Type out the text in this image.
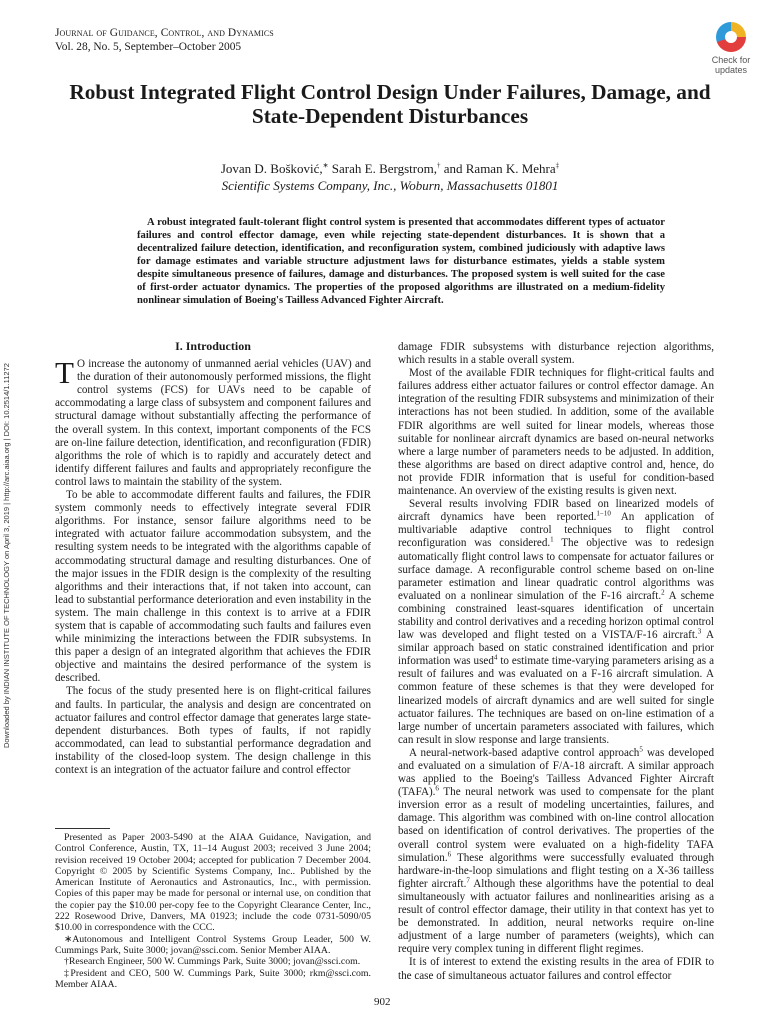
Journal of Guidance, Control, and Dynamics
Vol. 28, No. 5, September–October 2005
Check for
updates
Robust Integrated Flight Control Design Under Failures, Damage, and State-Dependent Disturbances
Jovan D. Bošković,∗ Sarah E. Bergstrom,† and Raman K. Mehra‡
Scientific Systems Company, Inc., Woburn, Massachusetts 01801
A robust integrated fault-tolerant flight control system is presented that accommodates different types of actuator failures and control effector damage, even while rejecting state-dependent disturbances. It is shown that a decentralized failure detection, identification, and reconfiguration system, combined judiciously with adaptive laws for damage estimates and variable structure adjustment laws for disturbance estimates, yields a stable system despite simultaneous presence of failures, damage and disturbances. The proposed system is well suited for the case of first-order actuator dynamics. The properties of the proposed algorithms are illustrated on a medium-fidelity nonlinear simulation of Boeing's Tailless Advanced Fighter Aircraft.
Downloaded by INDIAN INSTITUTE OF TECHNOLOGY on April 3, 2019 | http://arc.aiaa.org | DOI: 10.2514/1.11272
I. Introduction

T O increase the autonomy of unmanned aerial vehicles (UAV) and the duration of their autonomously performed missions, the flight control systems (FCS) for UAVs need to be capable of accommodating a large class of subsystem and component failures and structural damage without substantially affecting the performance of the overall system. In this context, important components of the FCS are on-line failure detection, identification, and reconfiguration (FDIR) algorithms the role of which is to rapidly and accurately detect and identify different failures and faults and appropriately reconfigure the control laws to maintain the stability of the system.

To be able to accommodate different faults and failures, the FDIR system commonly needs to effectively integrate several FDIR algorithms. For instance, sensor failure algorithms need to be integrated with actuator failure accommodation subsystem, and the resulting system needs to be integrated with the algorithms capable of accommodating structural damage and resulting disturbances. One of the major issues in the FDIR design is the complexity of the resulting algorithms and their interactions that, if not taken into account, can lead to substantial performance deterioration and even instability in the system. The main challenge in this context is to arrive at a FDIR system that is capable of accommodating such faults and failures even while minimizing the interactions between the FDIR subsystems. In this paper a design of an integrated algorithm that achieves the FDIR objective and maintains the desired performance of the system is described.

The focus of the study presented here is on flight-critical failures and faults. In particular, the analysis and design are concentrated on actuator failures and control effector damage that generates large state-dependent disturbances. Both types of faults, if not rapidly accommodated, can lead to substantial performance degradation and instability of the closed-loop system. The design challenge in this context is an integration of the actuator failure and control effector

Presented as Paper 2003-5490 at the AIAA Guidance, Navigation, and Control Conference, Austin, TX, 11–14 August 2003; received 3 June 2004; revision received 19 October 2004; accepted for publication 7 December 2004. Copyright © 2005 by Scientific Systems Company, Inc.. Published by the American Institute of Aeronautics and Astronautics, Inc., with permission. Copies of this paper may be made for personal or internal use, on condition that the copier pay the $10.00 per-copy fee to the Copyright Clearance Center, Inc., 222 Rosewood Drive, Danvers, MA 01923; include the code 0731-5090/05 $10.00 in correspondence with the CCC.

∗Autonomous and Intelligent Control Systems Group Leader, 500 W. Cummings Park, Suite 3000; jovan@ssci.com. Senior Member AIAA.

†Research Engineer, 500 W. Cummings Park, Suite 3000; jovan@ssci.com.

‡President and CEO, 500 W. Cummings Park, Suite 3000; rkm@ssci.com. Member AIAA.

damage FDIR subsystems with disturbance rejection algorithms, which results in a stable overall system.

Most of the available FDIR techniques for flight-critical faults and failures address either actuator failures or control effector damage. An integration of the resulting FDIR subsystems and minimization of their interactions has not been studied. In addition, some of the available FDIR algorithms are well suited for linear models, whereas those suitable for nonlinear aircraft dynamics are based on-neural networks where a large number of parameters needs to be adjusted. In addition, these algorithms are based on direct adaptive control and, hence, do not provide FDIR information that is useful for condition-based maintenance. An overview of the existing results is given next.

Several results involving FDIR based on linearized models of aircraft dynamics have been reported.$^{1-10}$ An application of multivariable adaptive control techniques to flight control reconfiguration was considered.$^1$ The objective was to redesign automatically flight control laws to compensate for actuator failures or surface damage. A reconfigurable control scheme based on on-line parameter estimation and linear quadratic control algorithms was evaluated on a nonlinear simulation of the F-16 aircraft.$^2$ A scheme combining constrained least-squares identification of uncertain stability and control derivatives and a receding horizon optimal control law was developed and flight tested on a VISTA/F-16 aircraft.$^3$ A similar approach based on static constrained identification and prior information was used$^4$ to estimate time-varying parameters arising as a result of failures and was evaluated on a F-16 aircraft simulation. A common feature of these schemes is that they were developed for linearized models of aircraft dynamics and are well suited for single actuator failures. The techniques are based on on-line estimation of a large number of uncertain parameters associated with failures, which can result in slow response and large transients.

A neural-network-based adaptive control approach$^5$ was developed and evaluated on a simulation of F/A-18 aircraft. A similar approach was applied to the Boeing's Tailless Advanced Fighter Aircraft (TAFA).$^6$ The neural network was used to compensate for the plant inversion error as a result of modeling uncertainties, failures, and damage. This algorithm was combined with on-line control allocation based on identification of control derivatives. The properties of the overall control system were evaluated on a high-fidelity TAFA simulation.$^6$ These algorithms were successfully evaluated through hardware-in-the-loop simulations and flight testing on a X-36 tailless fighter aircraft.$^7$ Although these algorithms have the potential to deal simultaneously with actuator failures and nonlinearities arising as a result of control effector damage, their utility in that context has yet to be demonstrated. In addition, neural networks require on-line adjustment of a large number of parameters (weights), which can require very complex tuning in different flight regimes.

It is of interest to extend the existing results in the area of FDIR to the case of simultaneous actuator failures and control effector

902
